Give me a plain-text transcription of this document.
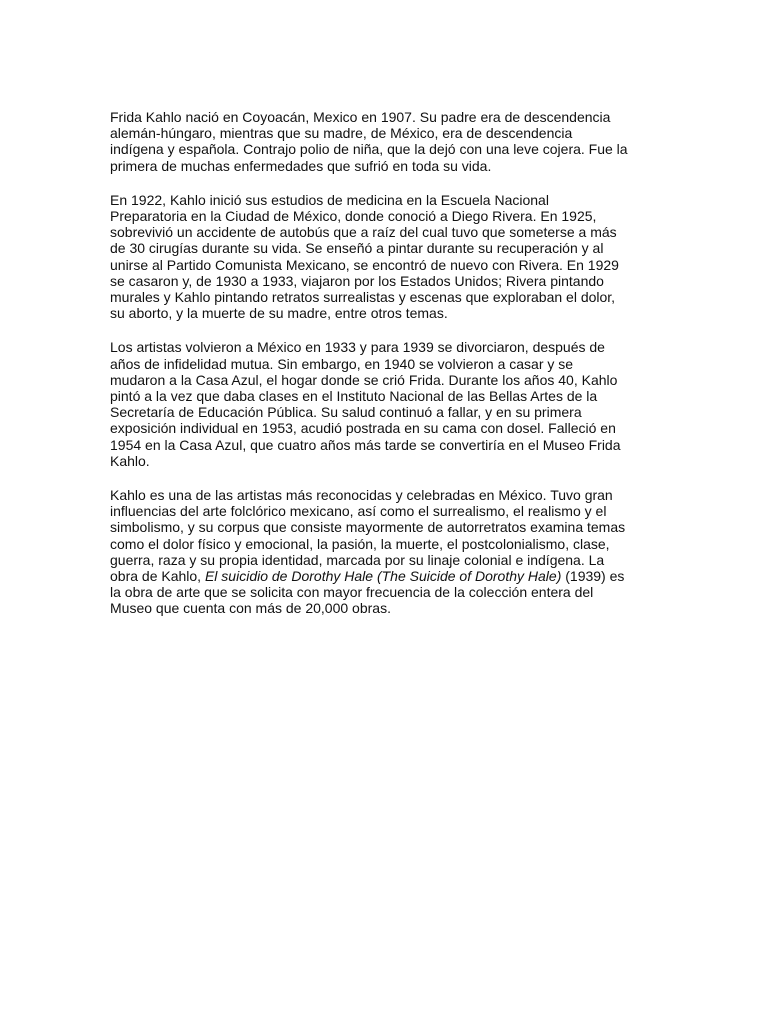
Frida Kahlo nació en Coyoacán, Mexico en 1907. Su padre era de descendencia
alemán-húngaro, mientras que su madre, de México, era de descendencia
indígena y española. Contrajo polio de niña, que la dejó con una leve cojera. Fue la
primera de muchas enfermedades que sufrió en toda su vida.

En 1922, Kahlo inició sus estudios de medicina en la Escuela Nacional
Preparatoria en la Ciudad de México, donde conoció a Diego Rivera. En 1925,
sobrevivió un accidente de autobús que a raíz del cual tuvo que someterse a más
de 30 cirugías durante su vida. Se enseñó a pintar durante su recuperación y al
unirse al Partido Comunista Mexicano, se encontró de nuevo con Rivera. En 1929
se casaron y, de 1930 a 1933, viajaron por los Estados Unidos; Rivera pintando
murales y Kahlo pintando retratos surrealistas y escenas que exploraban el dolor,
su aborto, y la muerte de su madre, entre otros temas.

Los artistas volvieron a México en 1933 y para 1939 se divorciaron, después de
años de infidelidad mutua. Sin embargo, en 1940 se volvieron a casar y se
mudaron a la Casa Azul, el hogar donde se crió Frida. Durante los años 40, Kahlo
pintó a la vez que daba clases en el Instituto Nacional de las Bellas Artes de la
Secretaría de Educación Pública. Su salud continuó a fallar, y en su primera
exposición individual en 1953, acudió postrada en su cama con dosel. Falleció en
1954 en la Casa Azul, que cuatro años más tarde se convertiría en el Museo Frida
Kahlo.

Kahlo es una de las artistas más reconocidas y celebradas en México. Tuvo gran
influencias del arte folclórico mexicano, así como el surrealismo, el realismo y el
simbolismo, y su corpus que consiste mayormente de autorretratos examina temas
como el dolor físico y emocional, la pasión, la muerte, el postcolonialismo, clase,
guerra, raza y su propia identidad, marcada por su linaje colonial e indígena. La
obra de Kahlo, El suicidio de Dorothy Hale (The Suicide of Dorothy Hale) (1939) es
la obra de arte que se solicita con mayor frecuencia de la colección entera del
Museo que cuenta con más de 20,000 obras.
